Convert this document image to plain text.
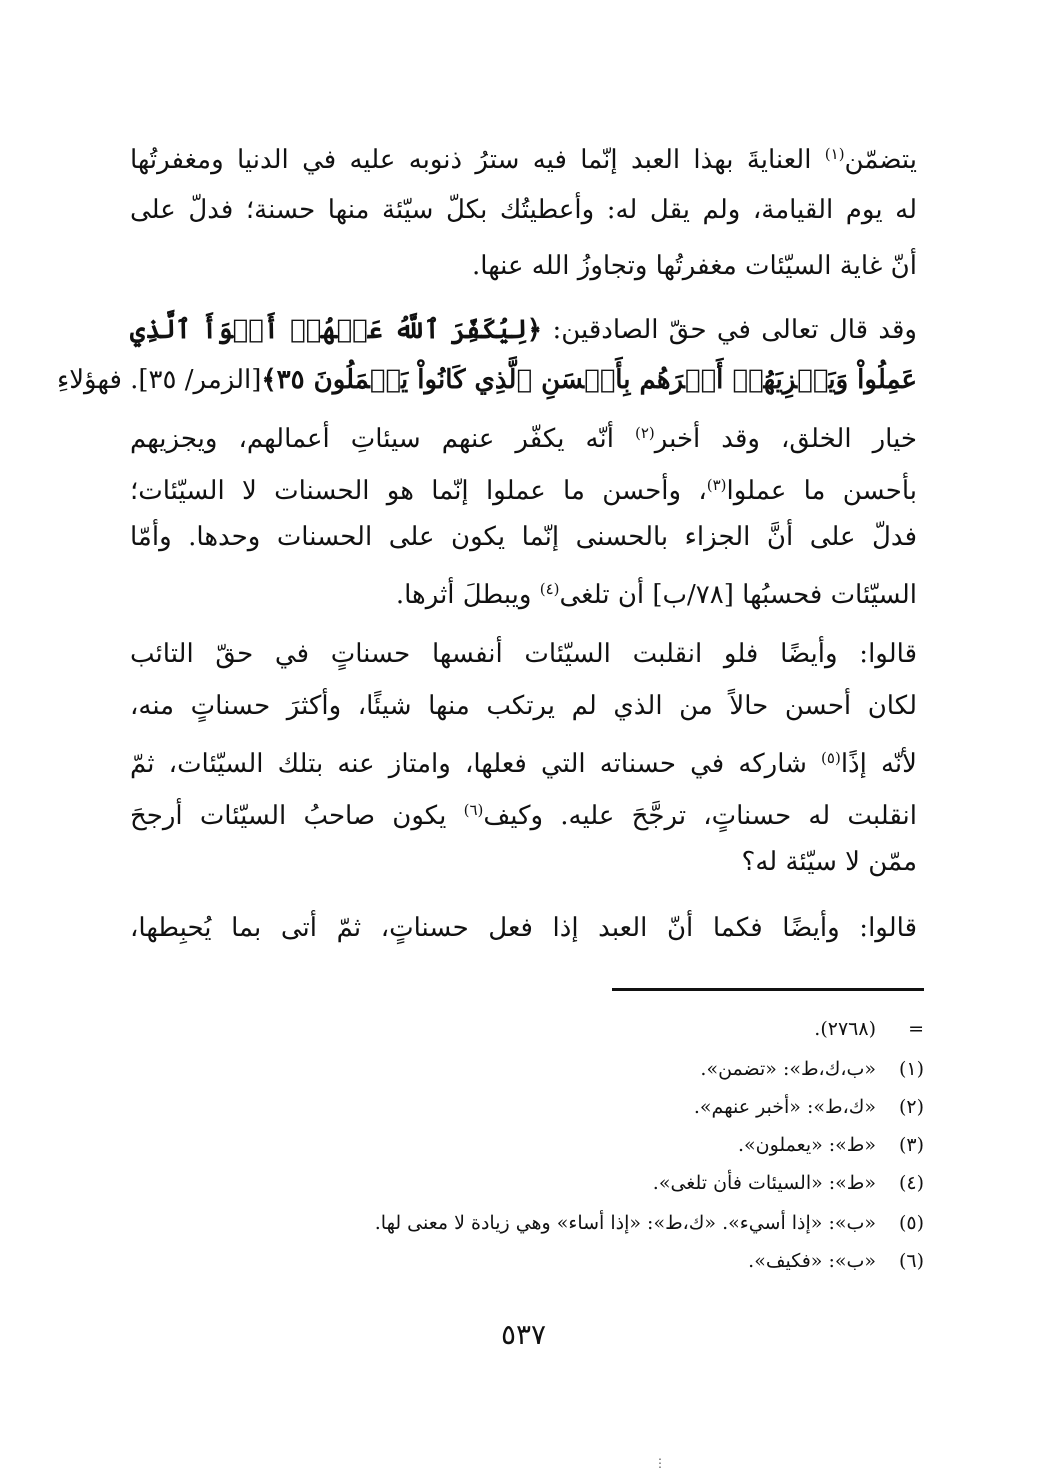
يتضمّن$^{(١)}$ العنايةَ بهذا العبد إنّما فيه سترُ ذنوبه عليه في الدنيا ومغفرتُها
له يوم القيامة، ولم يقل له: وأعطيتُك بكلّ سيّئة منها حسنة؛ فدلّ على
أنّ غاية السيّئات مغفرتُها وتجاوزُ الله عنها.
وقد قال تعالى في حقّ الصادقين: ﴿لِيُكَفِّرَ ٱللَّهُ عَنۡهُمۡ أَسۡوَأَ ٱلَّذِي
عَمِلُواْ وَيَجۡزِيَهُمۡ أَجۡرَهُم بِأَحۡسَنِ ٱلَّذِي كَانُواْ يَعۡمَلُونَ ٣٥﴾[الزمر/ ٣٥]. فهؤلاءِ
خيار الخلق، وقد أخبر$^{(٢)}$ أنّه يكفّر عنهم سيئاتِ أعمالهم، ويجزيهم
بأحسن ما عملوا$^{(٣)}$، وأحسن ما عملوا إنّما هو الحسنات لا السيّئات؛
فدلّ على أنَّ الجزاء بالحسنى إنّما يكون على الحسنات وحدها. وأمّا
السيّئات فحسبُها [٧٨/ب] أن تلغى$^{(٤)}$ ويبطلَ أثرها.
قالوا: وأيضًا فلو انقلبت السيّئات أنفسها حسناتٍ في حقّ التائب
لكان أحسن حالاً من الذي لم يرتكب منها شيئًا، وأكثرَ حسناتٍ منه،
لأنّه إذًا$^{(٥)}$ شاركه في حسناته التي فعلها، وامتاز عنه بتلك السيّئات، ثمّ
انقلبت له حسناتٍ، ترجَّحَ عليه. وكيف$^{(٦)}$ يكون صاحبُ السيّئات أرجحَ
ممّن لا سيّئة له؟
قالوا: وأيضًا فكما أنّ العبد إذا فعل حسناتٍ، ثمّ أتى بما يُحبِطها،
=(٢٧٦٨).
(١)«ب،ك،ط»: «تضمن».
(٢)«ك،ط»: «أخبر عنهم».
(٣)«ط»: «يعملون».
(٤)«ط»: «السيئات فأن تلغى».
(٥)«ب»: «إذا أسيء». «ك،ط»: «إذا أساء» وهي زيادة لا معنى لها.
(٦)«ب»: «فكيف».
٥٣٧
⋮
